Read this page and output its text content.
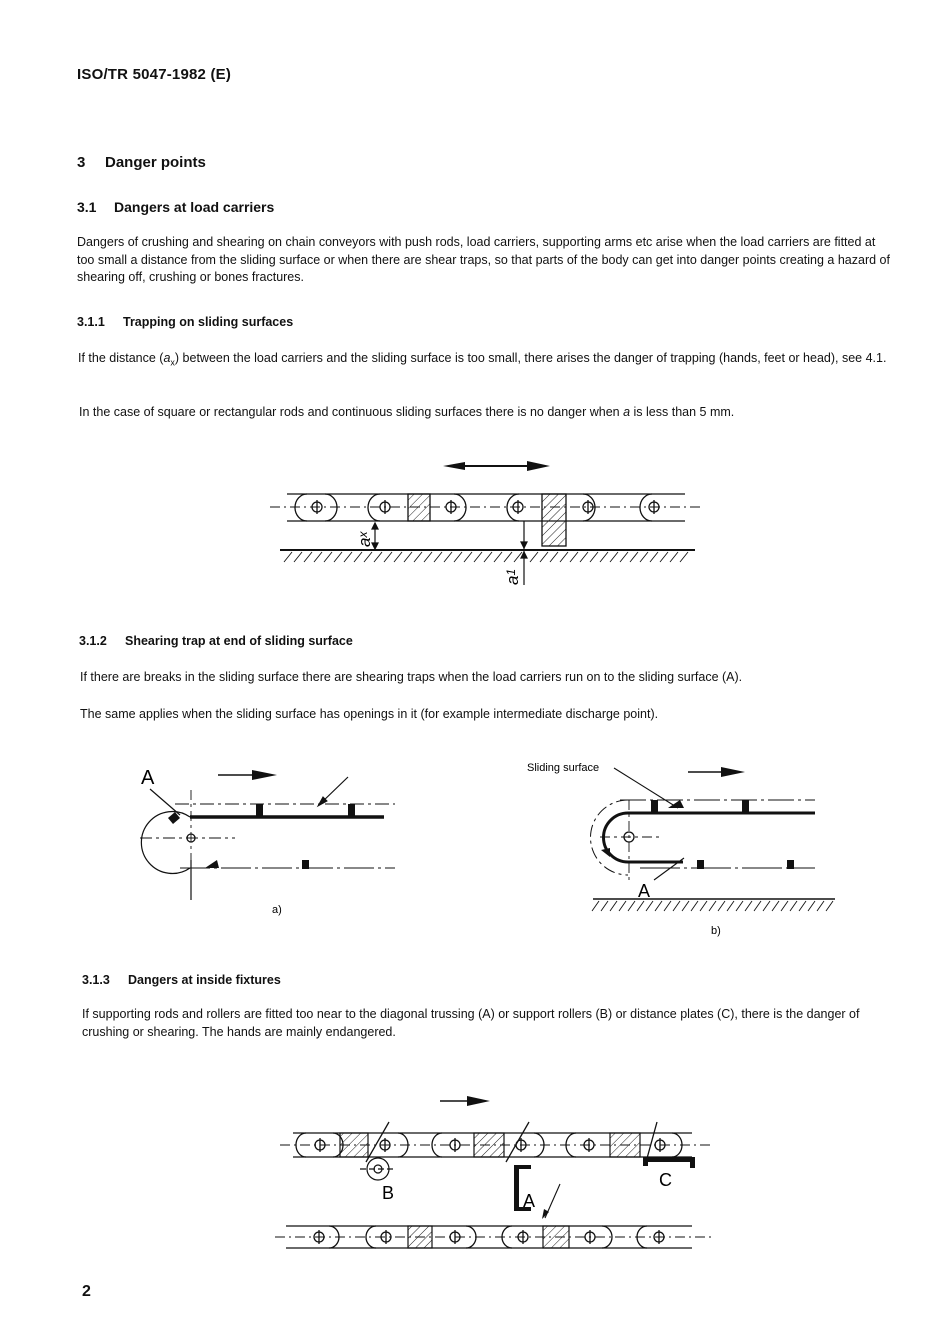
ISO/TR 5047-1982 (E)
3 Danger points
3.1 Dangers at load carriers
Dangers of crushing and shearing on chain conveyors with push rods, load carriers, supporting arms etc arise when the load carriers are fitted at too small a distance from the sliding surface or when there are shear traps, so that parts of the body can get into danger points creating a hazard of shearing off, crushing or bones fractures.
3.1.1 Trapping on sliding surfaces
If the distance $(a_x)$ between the load carriers and the sliding surface is too small, there arises the danger of trapping (hands, feet or head), see 4.1.
In the case of square or rectangular rods and continuous sliding surfaces there is no danger when a is less than 5 mm.
ax
a1
3.1.2 Shearing trap at end of sliding surface
If there are breaks in the sliding surface there are shearing traps when the load carriers run on to the sliding surface (A).
The same applies when the sliding surface has openings in it (for example intermediate discharge point).
A
a)
Sliding surface
A
b)
3.1.3 Dangers at inside fixtures
If supporting rods and rollers are fitted too near to the diagonal trussing (A) or support rollers (B) or distance plates (C), there is the danger of crushing or shearing. The hands are mainly endangered.
B
C
A
2
